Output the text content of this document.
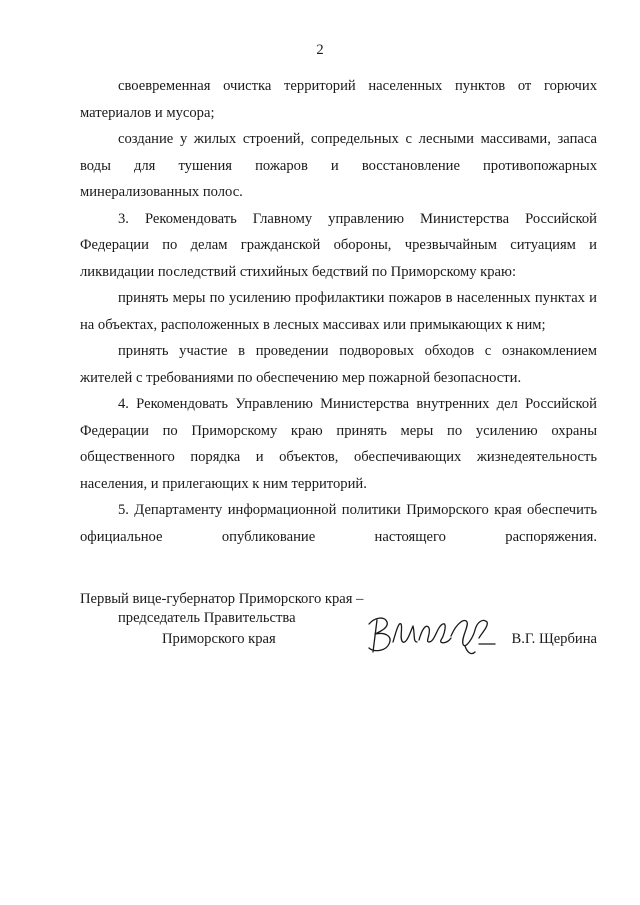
2

своевременная очистка территорий населенных пунктов от горючих материалов и мусора;

создание у жилых строений, сопредельных с лесными массивами, запаса воды для тушения пожаров и восстановление противопожарных минерализованных полос.

3. Рекомендовать Главному управлению Министерства Российской Федерации по делам гражданской обороны, чрезвычайным ситуациям и ликвидации последствий стихийных бедствий по Приморскому краю:

принять меры по усилению профилактики пожаров в населенных пунктах и на объектах, расположенных в лесных массивах или примыкающих к ним;

принять участие в проведении подворовых обходов с ознакомлением жителей с требованиями по обеспечению мер пожарной безопасности.

4. Рекомендовать Управлению Министерства внутренних дел Российской Федерации по Приморскому краю принять меры по усилению охраны общественного порядка и объектов, обеспечивающих жизнедеятельность населения, и прилегающих к ним территорий.

5. Департаменту информационной политики Приморского края обеспечить официальное опубликование настоящего распоряжения.

Первый вице-губернатор Приморского края –
председатель Правительства
Приморского края	В.Г. Щербина
